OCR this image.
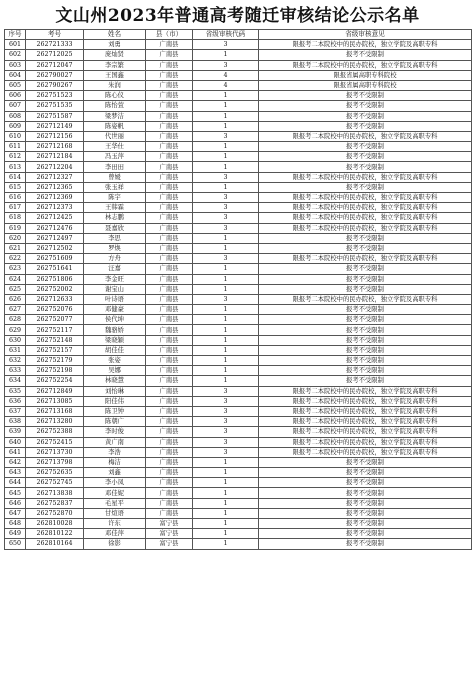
文山州2023年普通高考随迁审核结论公示名单
序号	考号	姓名	县（市）	省级审核代码	省级审核意见
601	262721333	刘勇	广南县	3	限报考二本院校中的民办院校，独立学院及高职专科
602	262712025	庞灿贤	广南县	1	报考不受限制
603	262712047	李宗繁	广南县	3	限报考二本院校中的民办院校，独立学院及高职专科
604	262790027	王国鑫	广南县	4	限报省属高职专科院校
605	262790267	朱润	广南县	4	限报省属高职专科院校
606	262751523	陈心仪	广南县	1	报考不受限制
607	262751535	陈怡萱	广南县	1	报考不受限制
608	262751587	梁梦洁	广南县	1	报考不受限制
609	262712149	陈姿帆	广南县	1	报考不受限制
610	262712156	代世丽	广南县	3	限报考二本院校中的民办院校，独立学院及高职专科
611	262712168	王华仕	广南县	1	报考不受限制
612	262712184	冯玉萍	广南县	1	报考不受限制
613	262712204	李田田	广南县	1	报考不受限制
614	262712327	曾媛	广南县	3	限报考二本院校中的民办院校，独立学院及高职专科
615	262712365	张玉祥	广南县	1	报考不受限制
616	262712369	陈宇	广南县	3	限报考二本院校中的民办院校，独立学院及高职专科
617	262712373	王韩霖	广南县	3	限报考二本院校中的民办院校，独立学院及高职专科
618	262712425	林志鹏	广南县	3	限报考二本院校中的民办院校，独立学院及高职专科
619	262712476	聂嘉欣	广南县	3	限报考二本院校中的民办院校，独立学院及高职专科
620	262712497	李思	广南县	1	报考不受限制
621	262712502	罗焕	广南县	1	报考不受限制
622	262751609	方舟	广南县	3	限报考二本院校中的民办院校，独立学院及高职专科
623	262751641	汪嘉	广南县	1	报考不受限制
624	262751806	李金旺	广南县	1	报考不受限制
625	262752002	谢宝山	广南县	1	报考不受限制
626	262712633	叶诗语	广南县	3	限报考二本院校中的民办院校，独立学院及高职专科
627	262752076	邓健豪	广南县	1	报考不受限制
628	262752077	侯代坤	广南县	1	报考不受限制
629	262752117	魏骆娇	广南县	1	报考不受限制
630	262752148	梁晓颖	广南县	1	报考不受限制
631	262752157	胡佳佳	广南县	1	报考不受限制
632	262752179	张姿	广南县	1	报考不受限制
633	262752198	吴娜	广南县	1	报考不受限制
634	262752254	林晓慧	广南县	1	报考不受限制
635	262712849	刘怡琳	广南县	3	限报考二本院校中的民办院校，独立学院及高职专科
636	262713085	阳佳伟	广南县	3	限报考二本院校中的民办院校，独立学院及高职专科
637	262713168	陈卫钟	广南县	3	限报考二本院校中的民办院校，独立学院及高职专科
638	262713280	陈朝广	广南县	3	限报考二本院校中的民办院校，独立学院及高职专科
639	262752388	李时俊	广南县	3	限报考二本院校中的民办院校，独立学院及高职专科
640	262752415	黄广南	广南县	3	限报考二本院校中的民办院校，独立学院及高职专科
641	262713730	李浩	广南县	3	限报考二本院校中的民办院校，独立学院及高职专科
642	262713798	梅洁	广南县	1	报考不受限制
643	262752635	刘鑫	广南县	1	报考不受限制
644	262752745	李小凤	广南县	1	报考不受限制
645	262713838	邓佳妮	广南县	1	报考不受限制
646	262752837	毛星平	广南县	1	报考不受限制
647	262752870	甘煊语	广南县	1	报考不受限制
648	262810028	许东	富宁县	1	报考不受限制
649	262810122	邓佳萍	富宁县	1	报考不受限制
650	262810164	徐影	富宁县	1	报考不受限制
